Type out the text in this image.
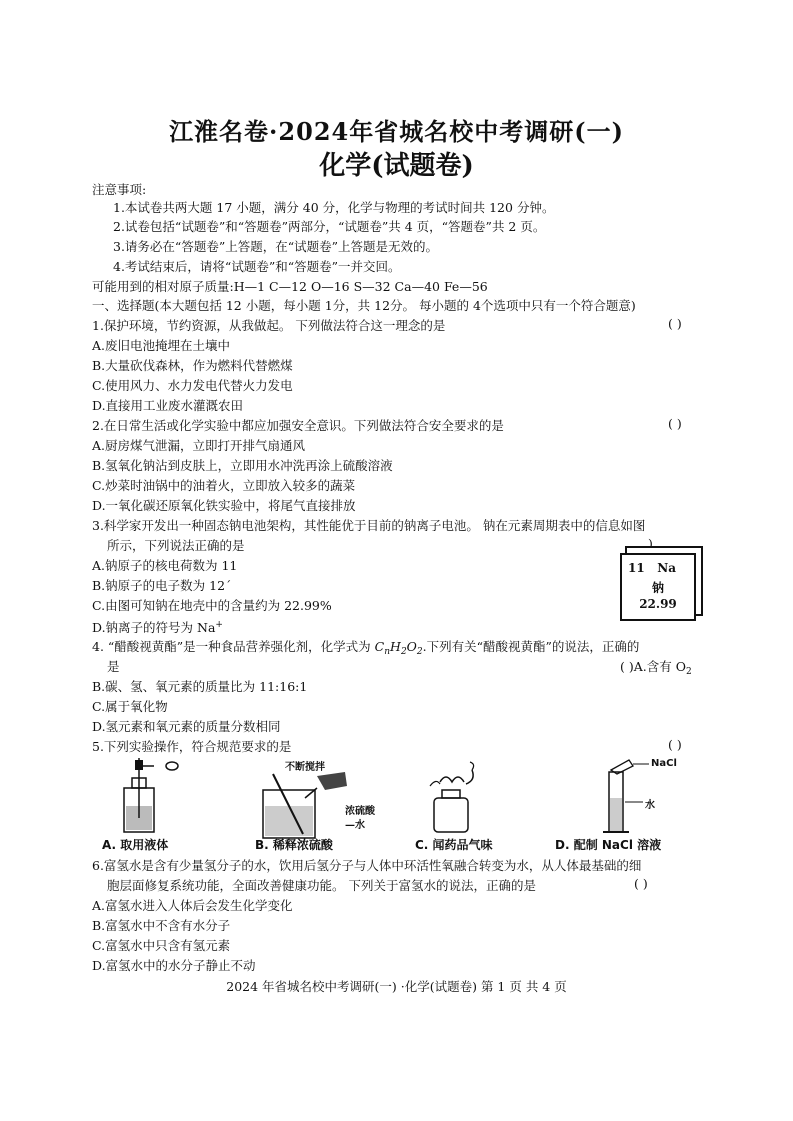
江淮名卷·2024年省城名校中考调研(一)
化学(试题卷)
注意事项:
1.本试卷共两大题 17 小题，满分 40 分，化学与物理的考试时间共 120 分钟。
2.试卷包括“试题卷”和“答题卷”两部分，“试题卷”共 4 页，“答题卷”共 2 页。
3.请务必在“答题卷”上答题，在“试题卷”上答题是无效的。
4.考试结束后，请将“试题卷”和“答题卷”一并交回。
可能用到的相对原子质量:H—1 C—12 O—16 S—32 Ca—40 Fe—56
一、选择题(本大题包括 12 小题，每小题 1分，共 12分。 每小题的 4个选项中只有一个符合题意)
1.保护环境，节约资源，从我做起。 下列做法符合这一理念的是	( )
A.废旧电池掩埋在土壤中
B.大量砍伐森林，作为燃料代替燃煤
C.使用风力、水力发电代替火力发电
D.直接用工业废水灌溉农田
2.在日常生活或化学实验中都应加强安全意识。下列做法符合安全要求的是	( )
A.厨房煤气泄漏，立即打开排气扇通风
B.氢氧化钠沾到皮肤上，立即用水冲洗再涂上硫酸溶液
C.炒菜时油锅中的油着火，立即放入较多的蔬菜
D.一氧化碳还原氧化铁实验中，将尾气直接排放
3.科学家开发出一种固态钠电池架构，其性能优于目前的钠离子电池。 钠在元素周期表中的信息如图
所示，下列说法正确的是	)
A.钠原子的核电荷数为 11
B.钠原子的电子数为 12´
C.由图可知钠在地壳中的含量约为 22.99%
D.钠离子的符号为 Na+
11 Na
钠
22.99
4. “醋酸视黄酯”是一种食品营养强化剂，化学式为 $C_nH_2O_2$.下列有关“醋酸视黄酯”的说法，正确的
是	( )A.含有 $O_2$
B.碳、氢、氧元素的质量比为 11:16:1
C.属于氧化物
D.氢元素和氧元素的质量分数相同
5.下列实验操作，符合规范要求的是	( )
A. 取用液体
不断搅拌
浓硫酸
—水
B. 稀释浓硫酸	C. 闻药品气味
NaCl
水
D. 配制 NaCl 溶液
6.富氢水是含有少量氢分子的水，饮用后氢分子与人体中环活性氧融合转变为水，从人体最基础的细
胞层面修复系统功能，全面改善健康功能。 下列关于富氢水的说法，正确的是	( )
A.富氢水进入人体后会发生化学变化
B.富氢水中不含有水分子
C.富氢水中只含有氢元素
D.富氢水中的水分子静止不动
2024 年省城名校中考调研(一) ·化学(试题卷) 第 1 页 共 4 页
